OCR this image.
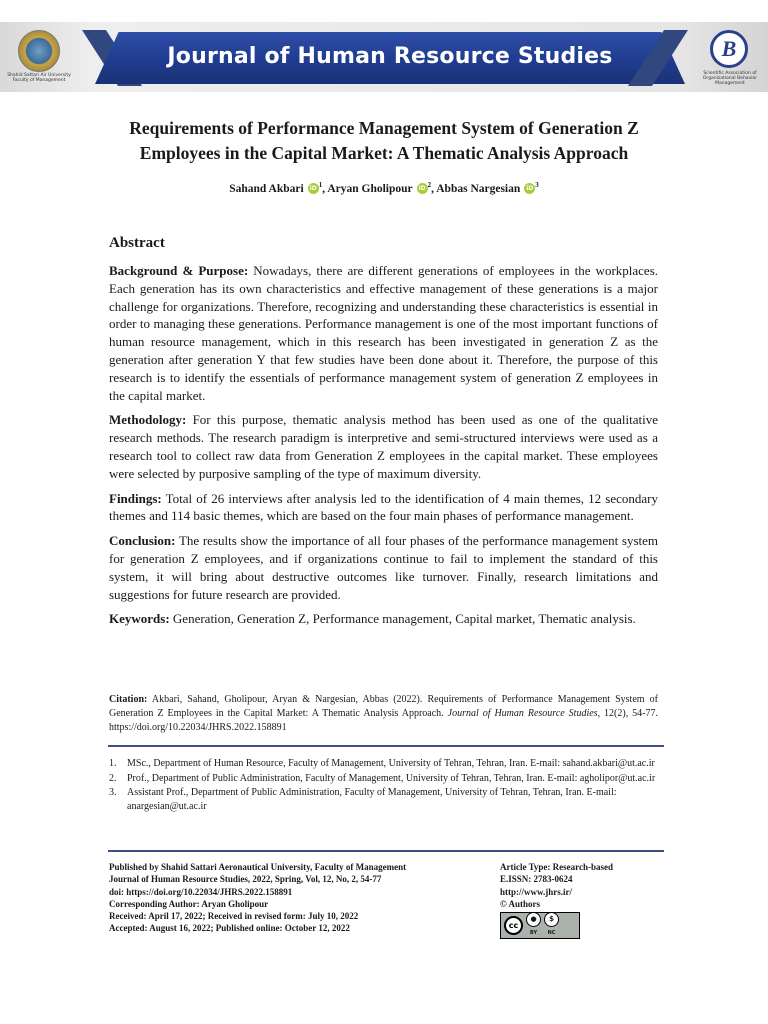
Shahid Sattari Air University Faculty of Management
Journal of Human Resource Studies	B
Scientific Association of Organizational Behavior Management
Requirements of Performance Management System of Generation Z Employees in the Capital Market: A Thematic Analysis Approach
Sahand Akbari iD $^1$, Aryan Gholipour iD $^2$, Abbas Nargesian iD $^3$
Abstract

Background & Purpose: Nowadays, there are different generations of employees in the workplaces. Each generation has its own characteristics and effective management of these generations is a major challenge for organizations. Therefore, recognizing and understanding these characteristics is essential in order to managing these generations. Performance management is one of the most important functions of human resource management, which in this research has been investigated in generation Z as the generation after generation Y that few studies have been done about it. Therefore, the purpose of this research is to identify the essentials of performance management system of generation Z employees in the capital market.

Methodology: For this purpose, thematic analysis method has been used as one of the qualitative research methods. The research paradigm is interpretive and semi-structured interviews were used as a research tool to collect raw data from Generation Z employees in the capital market. These employees were selected by purposive sampling of the type of maximum diversity.

Findings: Total of 26 interviews after analysis led to the identification of 4 main themes, 12 secondary themes and 114 basic themes, which are based on the four main phases of performance management.

Conclusion: The results show the importance of all four phases of the performance management system for generation Z employees, and if organizations continue to fail to implement the standard of this system, it will bring about destructive outcomes like turnover. Finally, research limitations and suggestions for future research are provided.

Keywords: Generation, Generation Z, Performance management, Capital market, Thematic analysis.

Citation: Akbari, Sahand, Gholipour, Aryan & Nargesian, Abbas (2022). Requirements of Performance Management System of Generation Z Employees in the Capital Market: A Thematic Analysis Approach. Journal of Human Resource Studies, 12(2), 54-77. https://doi.org/10.22034/JHRS.2022.158891
1. MSc., Department of Human Resource, Faculty of Management, University of Tehran, Tehran, Iran. E-mail: sahand.akbari@ut.ac.ir
2. Prof., Department of Public Administration, Faculty of Management, University of Tehran, Tehran, Iran. E-mail: agholipor@ut.ac.ir
3. Assistant Prof., Department of Public Administration, Faculty of Management, University of Tehran, Tehran, Iran. E-mail: anargesian@ut.ac.ir
Published by Shahid Sattari Aeronautical University, Faculty of Management
Journal of Human Resource Studies, 2022, Spring, Vol, 12, No, 2, 54-77
doi: https://doi.org/10.22034/JHRS.2022.158891
Corresponding Author: Aryan Gholipour
Received: April 17, 2022; Received in revised form: July 10, 2022
Accepted: August 16, 2022; Published online: October 12, 2022
Article Type: Research-based
E.ISSN: 2783-0624
http://www.jhrs.ir/
© Authors
cc
●
BY
$
NC
